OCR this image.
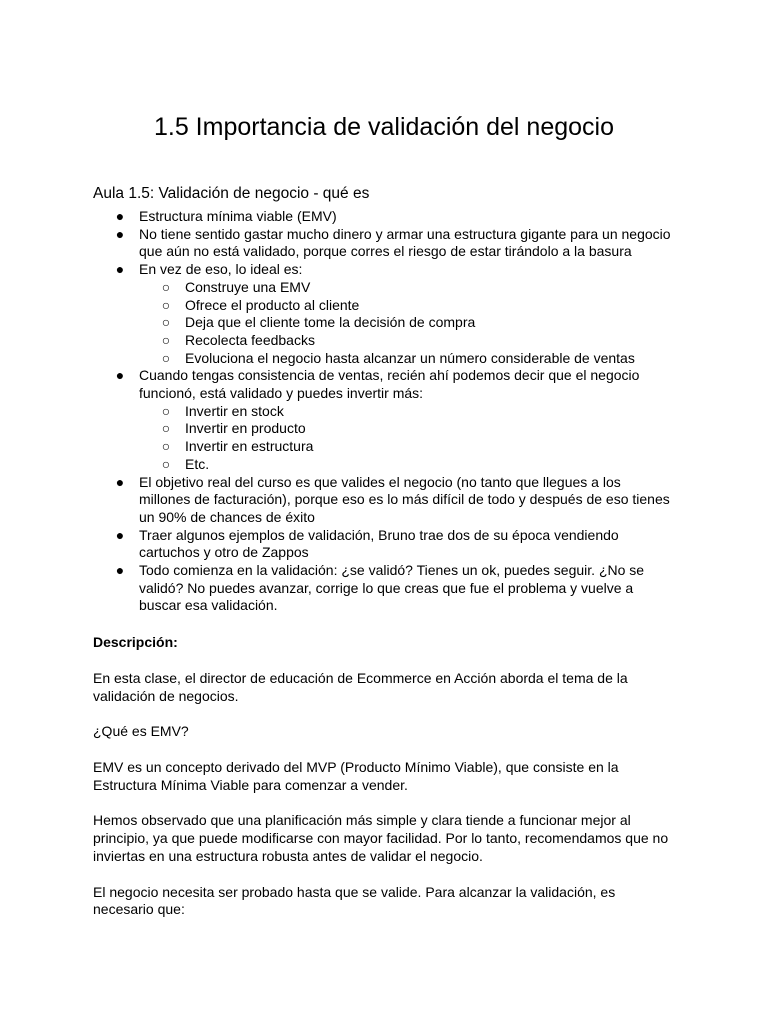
1.5 Importancia de validación del negocio
Aula 1.5: Validación de negocio - qué es
● Estructura mínima viable (EMV)
● No tiene sentido gastar mucho dinero y armar una estructura gigante para un negocio que aún no está validado, porque corres el riesgo de estar tirándolo a la basura
● En vez de eso, lo ideal es:
○ Construye una EMV
○ Ofrece el producto al cliente
○ Deja que el cliente tome la decisión de compra
○ Recolecta feedbacks
○ Evoluciona el negocio hasta alcanzar un número considerable de ventas
● Cuando tengas consistencia de ventas, recién ahí podemos decir que el negocio funcionó, está validado y puedes invertir más:
○ Invertir en stock
○ Invertir en producto
○ Invertir en estructura
○ Etc.
● El objetivo real del curso es que valides el negocio (no tanto que llegues a los millones de facturación), porque eso es lo más difícil de todo y después de eso tienes un 90% de chances de éxito
● Traer algunos ejemplos de validación, Bruno trae dos de su época vendiendo cartuchos y otro de Zappos
● Todo comienza en la validación: ¿se validó? Tienes un ok, puedes seguir. ¿No se validó? No puedes avanzar, corrige lo que creas que fue el problema y vuelve a buscar esa validación.

Descripción:

En esta clase, el director de educación de Ecommerce en Acción aborda el tema de la validación de negocios.

¿Qué es EMV?

EMV es un concepto derivado del MVP (Producto Mínimo Viable), que consiste en la Estructura Mínima Viable para comenzar a vender.

Hemos observado que una planificación más simple y clara tiende a funcionar mejor al principio, ya que puede modificarse con mayor facilidad. Por lo tanto, recomendamos que no inviertas en una estructura robusta antes de validar el negocio.

El negocio necesita ser probado hasta que se valide. Para alcanzar la validación, es necesario que:
